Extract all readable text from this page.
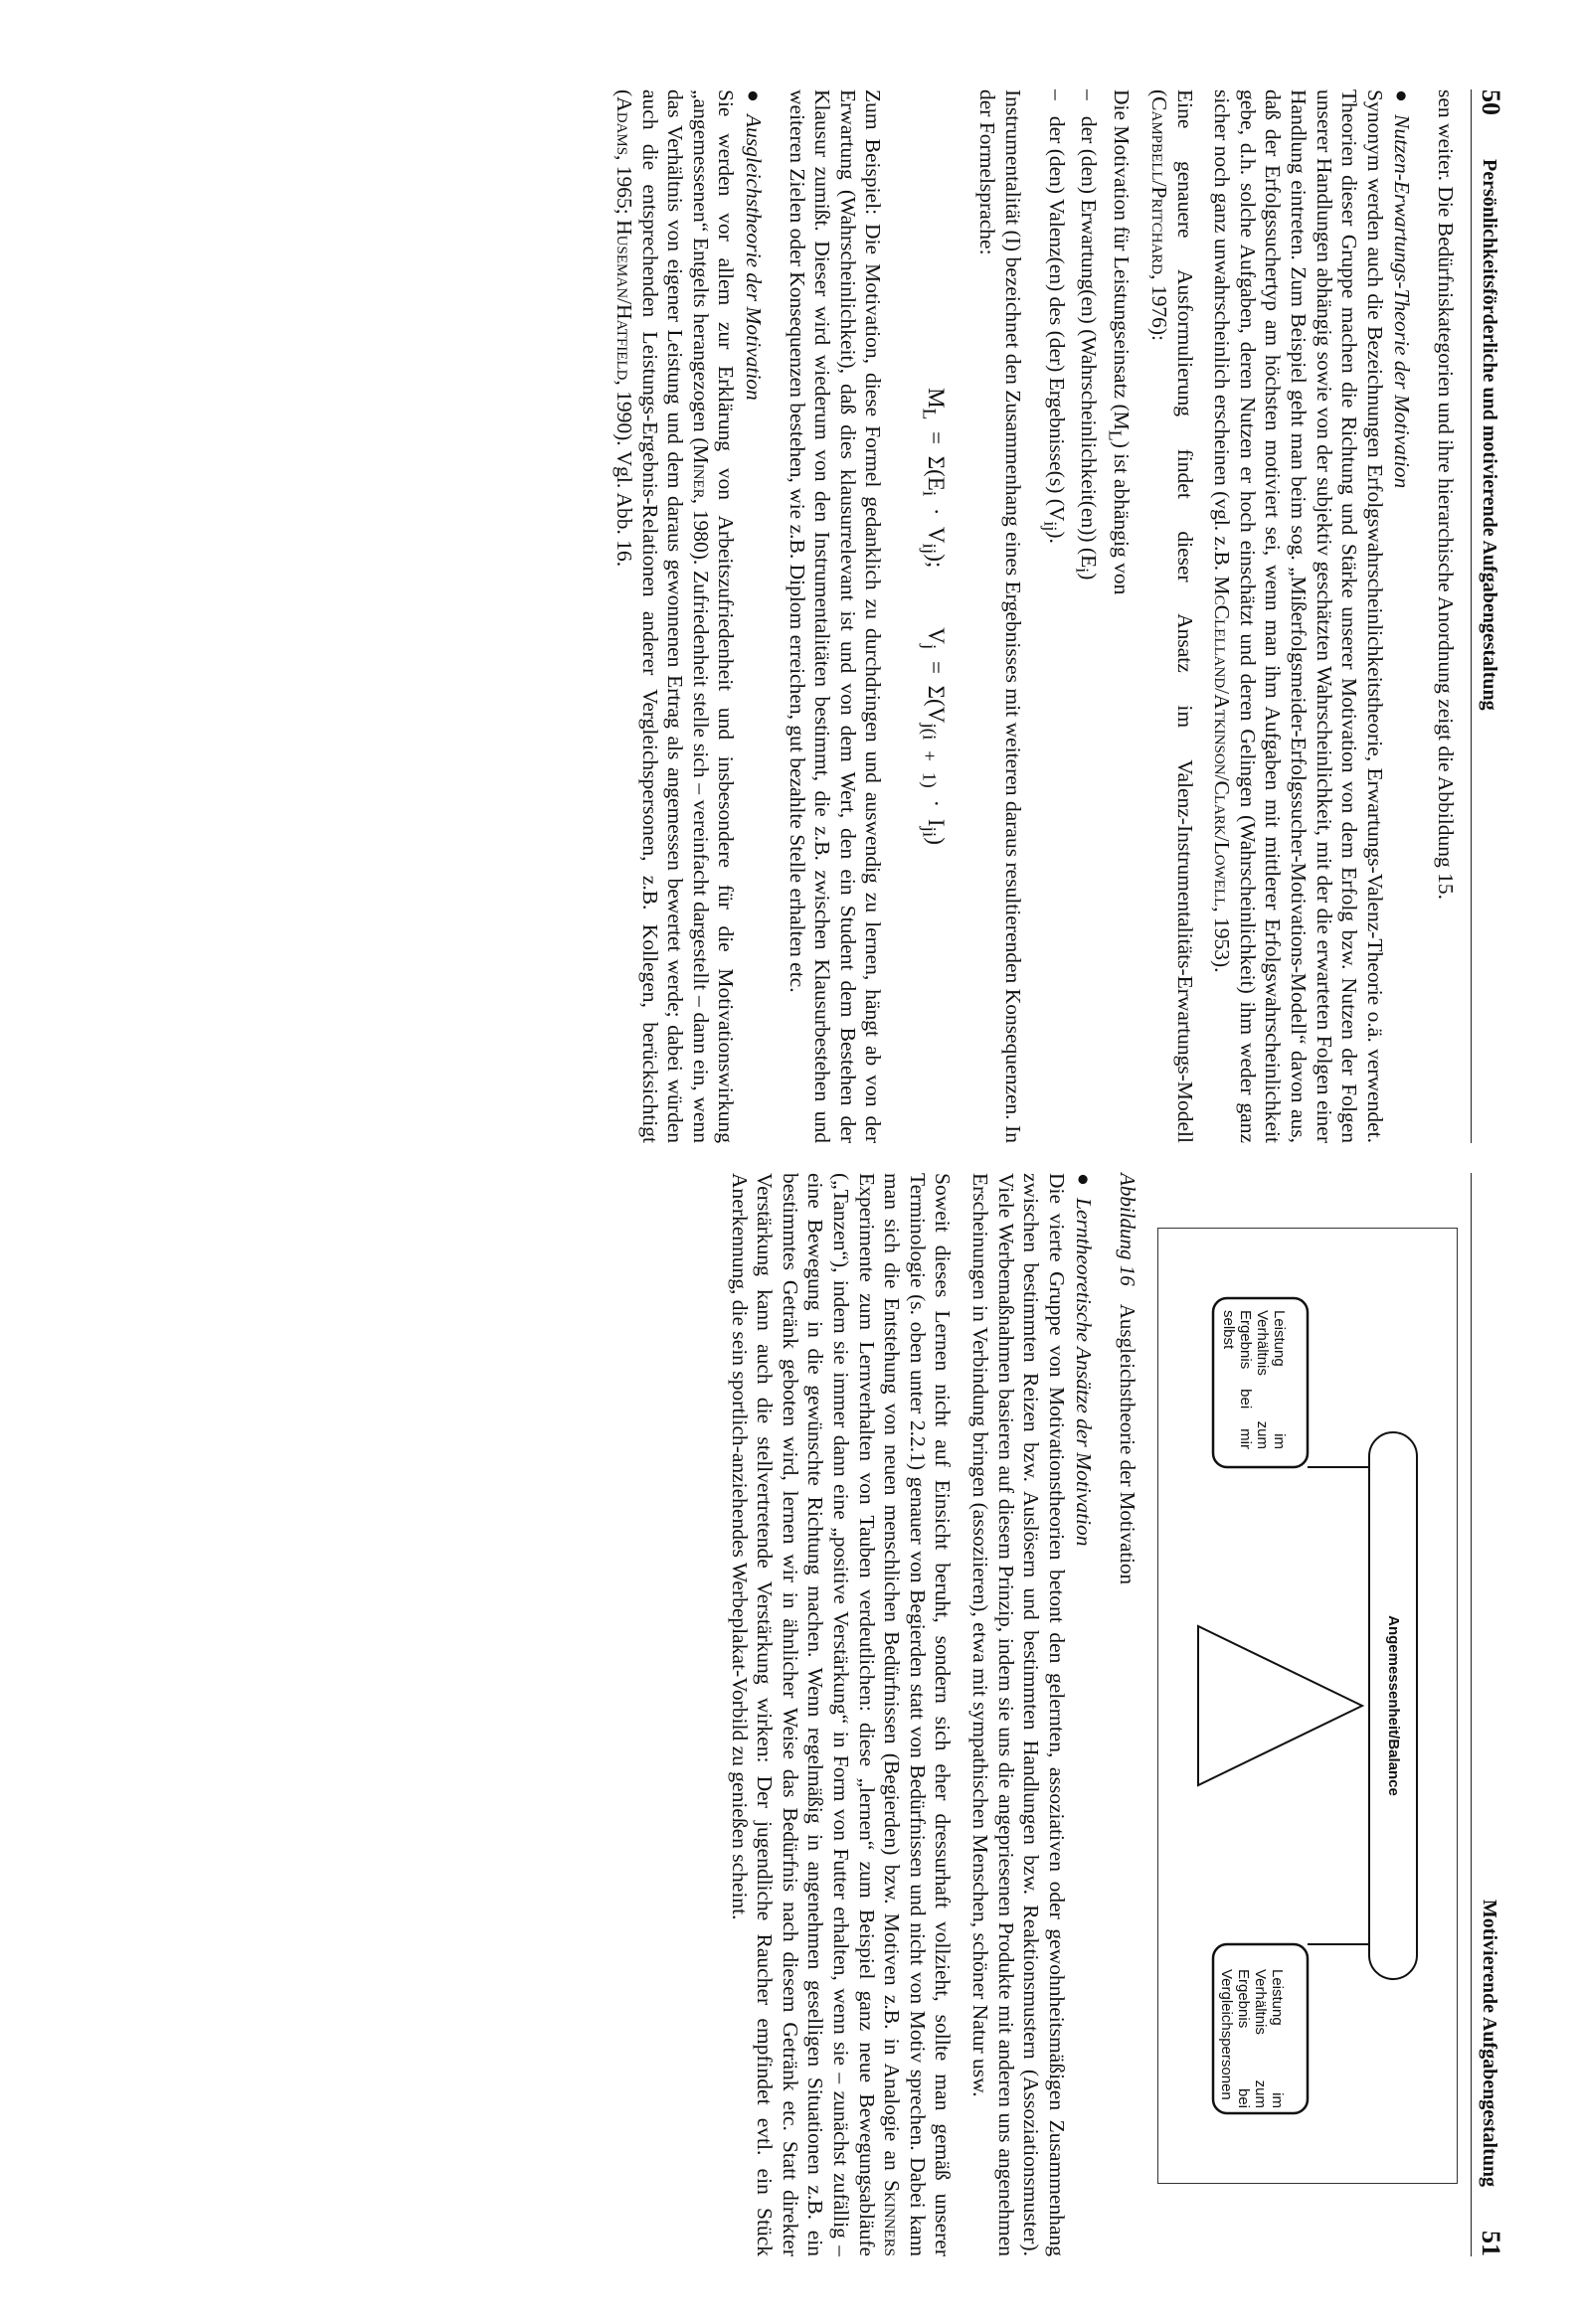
50
Persönlichkeitsförderliche und motivierende Aufgabengestaltung

sen weiter. Die Bedürfniskategorien und ihre hierarchische Anordnung zeigt die Abbildung 15.

●Nutzen-Erwartungs-Theorie der Motivation

Synonym werden auch die Bezeichnungen Erfolgswahrscheinlichkeitstheorie, Erwartungs-Valenz-Theorie o.ä. verwendet. Theorien dieser Gruppe machen die Richtung und Stärke unserer Motivation von dem Erfolg bzw. Nutzen der Folgen unserer Handlungen abhängig sowie von der subjektiv geschätzten Wahrscheinlichkeit, mit der die erwarteten Folgen einer Handlung eintreten. Zum Beispiel geht man beim sog. „Mißerfolgsmeider-Erfolgssucher-Motivations-Modell“ davon aus, daß der Erfolgssuchertyp am höchsten motiviert sei, wenn man ihm Aufgaben mit mittlerer Erfolgswahrscheinlichkeit gebe, d.h. solche Aufgaben, deren Nutzen er hoch einschätzt und deren Gelingen (Wahrscheinlichkeit) ihm weder ganz sicher noch ganz unwahrscheinlich erscheinen (vgl. z.B. McClelland/Atkinson/Clark/Lowell, 1953).

Eine genauere Ausformulierung findet dieser Ansatz im Valenz-Instrumentalitäts-Erwartungs-Modell (Campbell/Pritchard, 1976):

Die Motivation für Leistungseinsatz $(M_L)$ ist abhängig von

–   der (den) Erwartung(en) (Wahrscheinlichkeit(en)) $(E_i)$
–   der (den) Valenz(en) des (der) Ergebnisse(s) $(V_{ij})$.

Instrumentalität (I) bezeichnet den Zusammenhang eines Ergebnisses mit weiteren daraus resultierenden Konsequenzen. In der Formelsprache:

$M_L = \Sigma(E_i$ · $V_{ij});V_j = \Sigma(V_{j(i + 1)} \cdot I_{ji})$

Zum Beispiel: Die Motivation, diese Formel gedanklich zu durchdringen und auswendig zu lernen, hängt ab von der Erwartung (Wahrscheinlichkeit), daß dies klausurrelevant ist und von dem Wert, den ein Student dem Bestehen der Klausur zumißt. Dieser wird wiederum von den Instrumentalitäten bestimmt, die z.B. zwischen Klausurbestehen und weiteren Zielen oder Konsequenzen bestehen, wie z.B. Diplom erreichen, gut bezahlte Stelle erhalten etc.

●Ausgleichstheorie der Motivation

Sie werden vor allem zur Erklärung von Arbeitszufriedenheit und insbesondere für die Motivationswirkung „angemessenen“ Entgelts herangezogen (Miner, 1980). Zufriedenheit stelle sich – vereinfacht dargestellt – dann ein, wenn das Verhältnis von eigener Leistung und dem daraus gewonnenen Ertrag als angemessen bewertet werde; dabei würden auch die entsprechenden Leistungs-Ergebnis-Relationen anderer Vergleichspersonen, z.B. Kollegen, berücksichtigt (Adams, 1965; Huseman/Hatfield, 1990). Vgl. Abb. 16.

Motivierende Aufgabengestaltung
51
Angemessenheit/Balance
Leistung im Verhältnis zum Ergebnis bei mir selbst
Leistung im Verhältnis zum Ergebnis bei Vergleichspersonen

Abbildung 16Ausgleichstheorie der Motivation

●Lerntheoretische Ansätze der Motivation

Die vierte Gruppe von Motivationstheorien betont den gelernten, assoziativen oder gewohnheitsmäßigen Zusammenhang zwischen bestimmten Reizen bzw. Auslösern und bestimmten Handlungen bzw. Reaktionsmustern (Assoziationsmuster). Viele Werbemaßnahmen basieren auf diesem Prinzip, indem sie uns die angepriesenen Produkte mit anderen uns angenehmen Erscheinungen in Verbindung bringen (assoziieren), etwa mit sympathischen Menschen, schöner Natur usw.

Soweit dieses Lernen nicht auf Einsicht beruht, sondern sich eher dressurhaft vollzieht, sollte man gemäß unserer Terminologie (s. oben unter 2.2.1) genauer von Begierden statt von Bedürfnissen und nicht von Motiv sprechen. Dabei kann man sich die Entstehung von neuen menschlichen Bedürfnissen (Begierden) bzw. Motiven z.B. in Analogie an Skinners Experimente zum Lernverhalten von Tauben verdeutlichen: diese „lernen“ zum Beispiel ganz neue Bewegungsabläufe („Tanzen“), indem sie immer dann eine „positive Verstärkung“ in Form von Futter erhalten, wenn sie – zunächst zufällig – eine Bewegung in die gewünschte Richtung machen. Wenn regelmäßig in angenehmen geselligen Situationen z.B. ein bestimmtes Getränk geboten wird, lernen wir in ähnlicher Weise das Bedürfnis nach diesem Getränk etc. Statt direkter Verstärkung kann auch die stellvertretende Verstärkung wirken: Der jugendliche Raucher empfindet evtl. ein Stück Anerkennung, die sein sportlich-anziehendes Werbeplakat-Vorbild zu genießen scheint.
